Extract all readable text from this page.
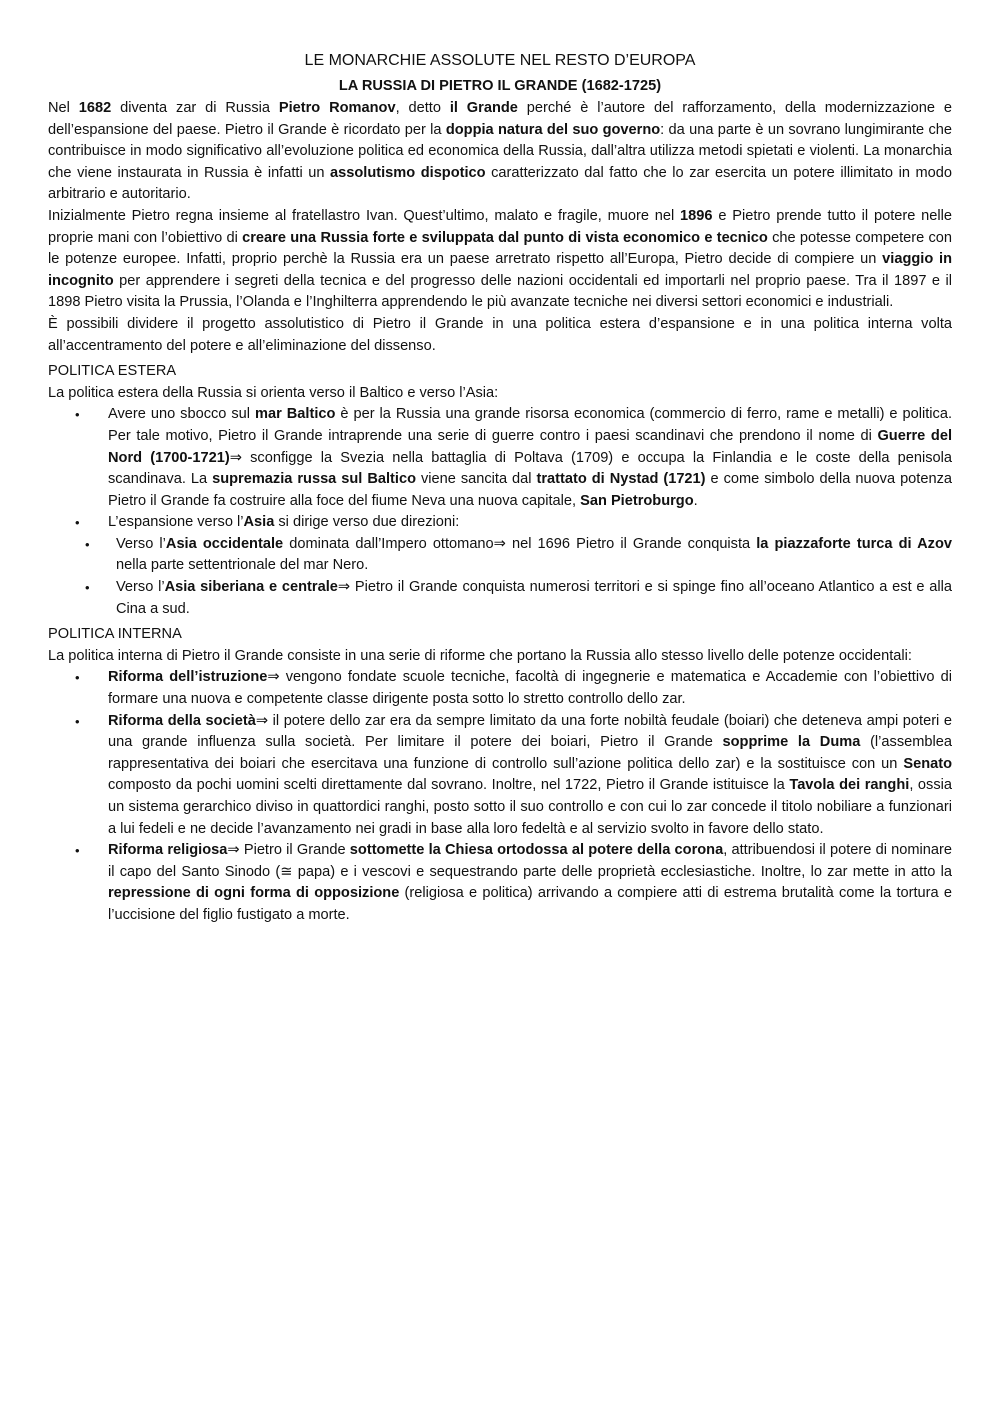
LE MONARCHIE ASSOLUTE NEL RESTO D’EUROPA
LA RUSSIA DI PIETRO IL GRANDE (1682-1725)

Nel 1682 diventa zar di Russia Pietro Romanov, detto il Grande perché è l’autore del rafforzamento, della modernizzazione e dell’espansione del paese. Pietro il Grande è ricordato per la doppia natura del suo governo: da una parte è un sovrano lungimirante che contribuisce in modo significativo all’evoluzione politica ed economica della Russia, dall’altra utilizza metodi spietati e violenti. La monarchia che viene instaurata in Russia è infatti un assolutismo dispotico caratterizzato dal fatto che lo zar esercita un potere illimitato in modo arbitrario e autoritario.

Inizialmente Pietro regna insieme al fratellastro Ivan. Quest’ultimo, malato e fragile, muore nel 1896 e Pietro prende tutto il potere nelle proprie mani con l’obiettivo di creare una Russia forte e sviluppata dal punto di vista economico e tecnico che potesse competere con le potenze europee. Infatti, proprio perchè la Russia era un paese arretrato rispetto all’Europa, Pietro decide di compiere un viaggio in incognito per apprendere i segreti della tecnica e del progresso delle nazioni occidentali ed importarli nel proprio paese. Tra il 1897 e il 1898 Pietro visita la Prussia, l’Olanda e l’Inghilterra apprendendo le più avanzate tecniche nei diversi settori economici e industriali.

È possibili dividere il progetto assolutistico di Pietro il Grande in una politica estera d’espansione e in una politica interna volta all’accentramento del potere e all’eliminazione del dissenso.

POLITICA ESTERA

La politica estera della Russia si orienta verso il Baltico e verso l’Asia:

• Avere uno sbocco sul mar Baltico è per la Russia una grande risorsa economica (commercio di ferro, rame e metalli) e politica. Per tale motivo, Pietro il Grande intraprende una serie di guerre contro i paesi scandinavi che prendono il nome di Guerre del Nord (1700-1721)⇒ sconfigge la Svezia nella battaglia di Poltava (1709) e occupa la Finlandia e le coste della penisola scandinava. La supremazia russa sul Baltico viene sancita dal trattato di Nystad (1721) e come simbolo della nuova potenza Pietro il Grande fa costruire alla foce del fiume Neva una nuova capitale, San Pietroburgo.
• L’espansione verso l’Asia si dirige verso due direzioni:
• Verso l’Asia occidentale dominata dall’Impero ottomano⇒ nel 1696 Pietro il Grande conquista la piazzaforte turca di Azov nella parte settentrionale del mar Nero.
• Verso l’Asia siberiana e centrale⇒ Pietro il Grande conquista numerosi territori e si spinge fino all’oceano Atlantico a est e alla Cina a sud.
POLITICA INTERNA

La politica interna di Pietro il Grande consiste in una serie di riforme che portano la Russia allo stesso livello delle potenze occidentali:

• Riforma dell’istruzione⇒ vengono fondate scuole tecniche, facoltà di ingegnerie e matematica e Accademie con l’obiettivo di formare una nuova e competente classe dirigente posta sotto lo stretto controllo dello zar.
• Riforma della società⇒ il potere dello zar era da sempre limitato da una forte nobiltà feudale (boiari) che deteneva ampi poteri e una grande influenza sulla società. Per limitare il potere dei boiari, Pietro il Grande sopprime la Duma (l’assemblea rappresentativa dei boiari che esercitava una funzione di controllo sull’azione politica dello zar) e la sostituisce con un Senato composto da pochi uomini scelti direttamente dal sovrano. Inoltre, nel 1722, Pietro il Grande istituisce la Tavola dei ranghi, ossia un sistema gerarchico diviso in quattordici ranghi, posto sotto il suo controllo e con cui lo zar concede il titolo nobiliare a funzionari a lui fedeli e ne decide l’avanzamento nei gradi in base alla loro fedeltà e al servizio svolto in favore dello stato.
• Riforma religiosa⇒ Pietro il Grande sottomette la Chiesa ortodossa al potere della corona, attribuendosi il potere di nominare il capo del Santo Sinodo (≅ papa) e i vescovi e sequestrando parte delle proprietà ecclesiastiche. Inoltre, lo zar mette in atto la repressione di ogni forma di opposizione (religiosa e politica) arrivando a compiere atti di estrema brutalità come la tortura e l’uccisione del figlio fustigato a morte.
